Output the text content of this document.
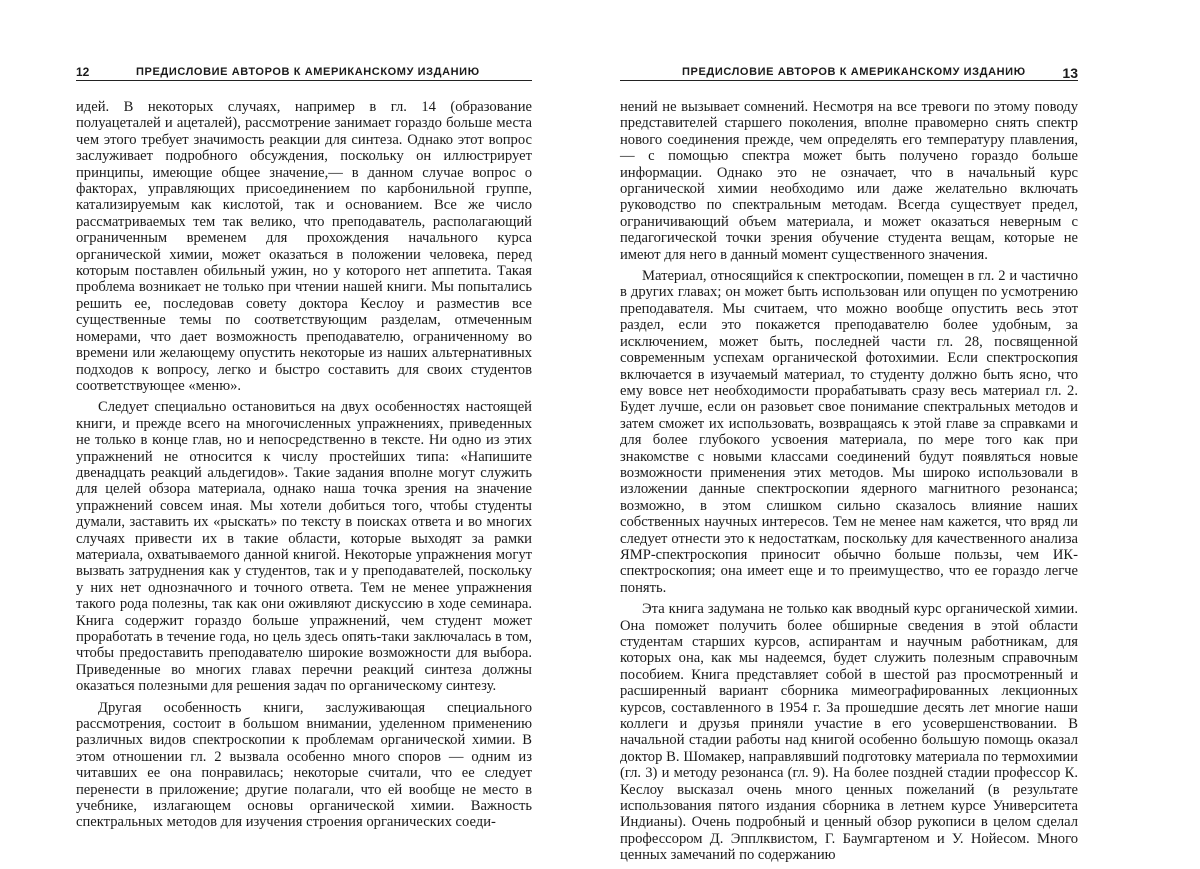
12	ПРЕДИСЛОВИЕ АВТОРОВ К АМЕРИКАНСКОМУ ИЗДАНИЮ

идей. В некоторых случаях, например в гл. 14 (образование полуацеталей и ацеталей), рассмотрение занимает гораздо больше места чем этого требует значимость реакции для синтеза. Однако этот вопрос заслуживает подробного обсуждения, поскольку он иллюстрирует принципы, имеющие общее значение,— в данном случае вопрос о факторах, управляющих присоединением по карбонильной группе, катализируемым как кислотой, так и основанием. Все же число рассматриваемых тем так велико, что преподаватель, располагающий ограниченным временем для прохождения начального курса органической химии, может оказаться в положении человека, перед которым поставлен обильный ужин, но у которого нет аппетита. Такая проблема возникает не только при чтении нашей книги. Мы попытались решить ее, последовав совету доктора Кеслоу и разместив все существенные темы по соответствующим разделам, отмеченным номерами, что дает возможность преподавателю, ограниченному во времени или желающему опустить некоторые из наших альтернативных подходов к вопросу, легко и быстро составить для своих студентов соответствующее «меню».

Следует специально остановиться на двух особенностях настоящей книги, и прежде всего на многочисленных упражнениях, приведенных не только в конце глав, но и непосредственно в тексте. Ни одно из этих упражнений не относится к числу простейших типа: «Напишите двенадцать реакций альдегидов». Такие задания вполне могут служить для целей обзора материала, однако наша точка зрения на значение упражнений совсем иная. Мы хотели добиться того, чтобы студенты думали, заставить их «рыскать» по тексту в поисках ответа и во многих случаях привести их в такие области, которые выходят за рамки материала, охватываемого данной книгой. Некоторые упражнения могут вызвать затруднения как у студентов, так и у преподавателей, поскольку у них нет однозначного и точного ответа. Тем не менее упражнения такого рода полезны, так как они оживляют дискуссию в ходе семинара. Книга содержит гораздо больше упражнений, чем студент может проработать в течение года, но цель здесь опять-таки заключалась в том, чтобы предоставить преподавателю широкие возможности для выбора. Приведенные во многих главах перечни реакций синтеза должны оказаться полезными для решения задач по органическому синтезу.

Другая особенность книги, заслуживающая специального рассмотрения, состоит в большом внимании, уделенном применению различных видов спектроскопии к проблемам органической химии. В этом отношении гл. 2 вызвала особенно много споров — одним из читавших ее она понравилась; некоторые считали, что ее следует перенести в приложение; другие полагали, что ей вообще не место в учебнике, излагающем основы органической химии. Важность спектральных методов для изучения строения органических соеди-

ПРЕДИСЛОВИЕ АВТОРОВ К АМЕРИКАНСКОМУ ИЗДАНИЮ	13

нений не вызывает сомнений. Несмотря на все тревоги по этому поводу представителей старшего поколения, вполне правомерно снять спектр нового соединения прежде, чем определять его температуру плавления,— с помощью спектра может быть получено гораздо больше информации. Однако это не означает, что в начальный курс органической химии необходимо или даже желательно включать руководство по спектральным методам. Всегда существует предел, ограничивающий объем материала, и может оказаться неверным с педагогической точки зрения обучение студента вещам, которые не имеют для него в данный момент существенного значения.

Материал, относящийся к спектроскопии, помещен в гл. 2 и частично в других главах; он может быть использован или опущен по усмотрению преподавателя. Мы считаем, что можно вообще опустить весь этот раздел, если это покажется преподавателю более удобным, за исключением, может быть, последней части гл. 28, посвященной современным успехам органической фотохимии. Если спектроскопия включается в изучаемый материал, то студенту должно быть ясно, что ему вовсе нет необходимости прорабатывать сразу весь материал гл. 2. Будет лучше, если он разовьет свое понимание спектральных методов и затем сможет их использовать, возвращаясь к этой главе за справками и для более глубокого усвоения материала, по мере того как при знакомстве с новыми классами соединений будут появляться новые возможности применения этих методов. Мы широко использовали в изложении данные спектроскопии ядерного магнитного резонанса; возможно, в этом слишком сильно сказалось влияние наших собственных научных интересов. Тем не менее нам кажется, что вряд ли следует отнести это к недостаткам, поскольку для качественного анализа ЯМР-спектроскопия приносит обычно больше пользы, чем ИК-спектроскопия; она имеет еще и то преимущество, что ее гораздо легче понять.

Эта книга задумана не только как вводный курс органической химии. Она поможет получить более обширные сведения в этой области студентам старших курсов, аспирантам и научным работникам, для которых она, как мы надеемся, будет служить полезным справочным пособием. Книга представляет собой в шестой раз просмотренный и расширенный вариант сборника мимеографированных лекционных курсов, составленного в 1954 г. За прошедшие десять лет многие наши коллеги и друзья приняли участие в его усовершенствовании. В начальной стадии работы над книгой особенно большую помощь оказал доктор В. Шомакер, направлявший подготовку материала по термохимии (гл. 3) и методу резонанса (гл. 9). На более поздней стадии профессор К. Кеслоу высказал очень много ценных пожеланий (в результате использования пятого издания сборника в летнем курсе Университета Индианы). Очень подробный и ценный обзор рукописи в целом сделал профессором Д. Эпплквистом, Г. Баумгартеном и У. Нойесом. Много ценных замечаний по содержанию
